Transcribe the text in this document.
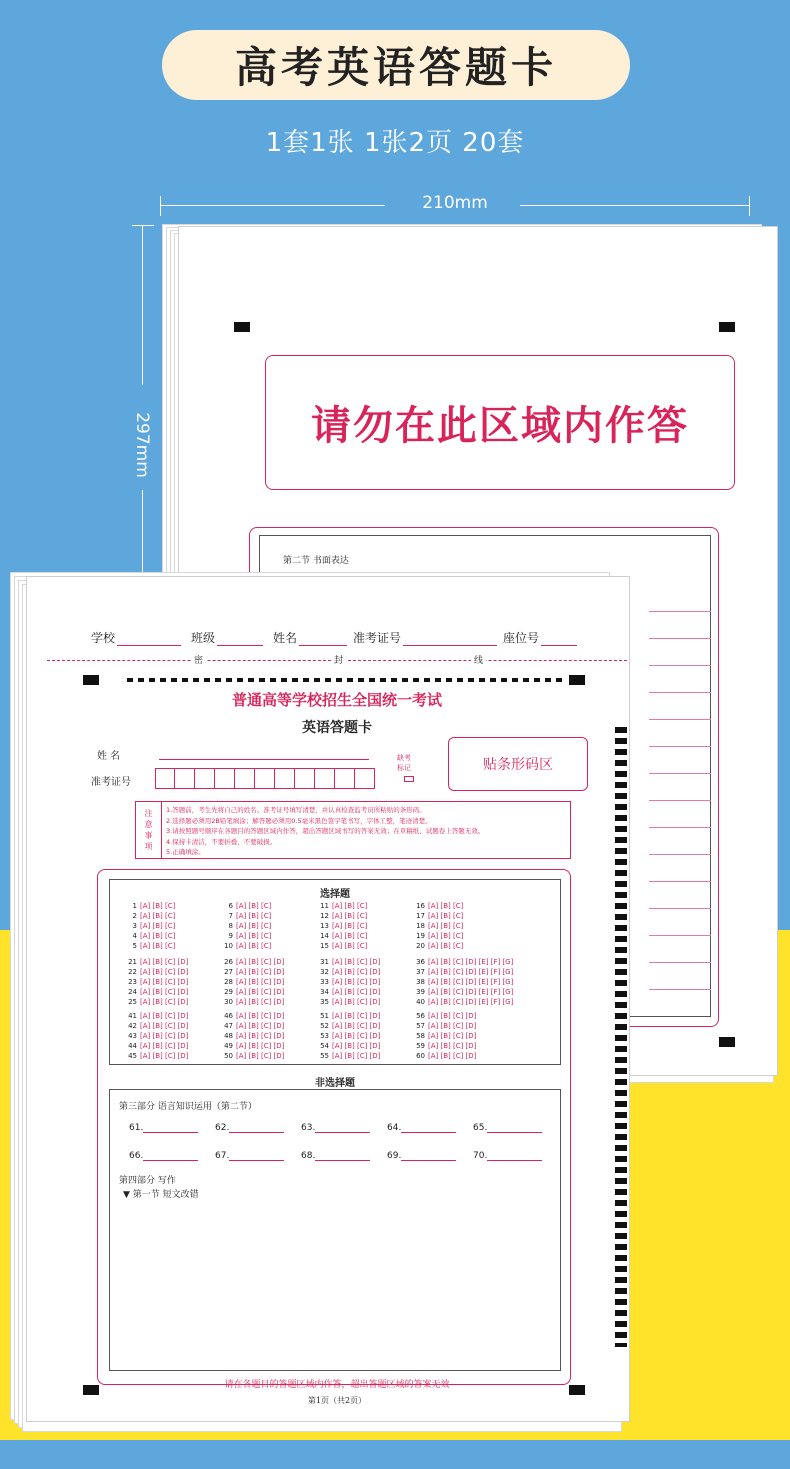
高考英语答题卡
1套1张 1张2页 20套
210mm
297mm	请勿在此区域内作答
第二节 书面表达
学校	班级	姓名	准考证号	座位号
密	封	线
普通高等学校招生全国统一考试
英语答题卡
姓 名
准考证号
缺考
标记	贴条形码区
注
意
事
项
1.答题前，考生先将自己的姓名、准考证号填写清楚，并认真检查监考员所粘贴的条形码。
2.选择题必须用2B铅笔填涂；解答题必须用0.5毫米黑色签字笔书写，字体工整，笔迹清楚。
3.请按照题号顺序在各题目的答题区域内作答，超出答题区域书写的答案无效；在草稿纸、试题卷上答题无效。
4.保持卡清洁，不要折叠、不要破损。
5.正确填涂。
选择题
1 [A] [B] [C]
2 [A] [B] [C]
3 [A] [B] [C]
4 [A] [B] [C]
5 [A] [B] [C]
6 [A] [B] [C]
7 [A] [B] [C]
8 [A] [B] [C]
9 [A] [B] [C]
10 [A] [B] [C]
11 [A] [B] [C]
12 [A] [B] [C]
13 [A] [B] [C]
14 [A] [B] [C]
15 [A] [B] [C]
16 [A] [B] [C]
17 [A] [B] [C]
18 [A] [B] [C]
19 [A] [B] [C]
20 [A] [B] [C]
21 [A] [B] [C] [D]
22 [A] [B] [C] [D]
23 [A] [B] [C] [D]
24 [A] [B] [C] [D]
25 [A] [B] [C] [D]
26 [A] [B] [C] [D]
27 [A] [B] [C] [D]
28 [A] [B] [C] [D]
29 [A] [B] [C] [D]
30 [A] [B] [C] [D]
31 [A] [B] [C] [D]
32 [A] [B] [C] [D]
33 [A] [B] [C] [D]
34 [A] [B] [C] [D]
35 [A] [B] [C] [D]
36 [A] [B] [C] [D] [E] [F] [G]
37 [A] [B] [C] [D] [E] [F] [G]
38 [A] [B] [C] [D] [E] [F] [G]
39 [A] [B] [C] [D] [E] [F] [G]
40 [A] [B] [C] [D] [E] [F] [G]
41 [A] [B] [C] [D]
42 [A] [B] [C] [D]
43 [A] [B] [C] [D]
44 [A] [B] [C] [D]
45 [A] [B] [C] [D]
46 [A] [B] [C] [D]
47 [A] [B] [C] [D]
48 [A] [B] [C] [D]
49 [A] [B] [C] [D]
50 [A] [B] [C] [D]
51 [A] [B] [C] [D]
52 [A] [B] [C] [D]
53 [A] [B] [C] [D]
54 [A] [B] [C] [D]
55 [A] [B] [C] [D]
56 [A] [B] [C] [D]
57 [A] [B] [C] [D]
58 [A] [B] [C] [D]
59 [A] [B] [C] [D]
60 [A] [B] [C] [D]
非选择题
第三部分 语言知识运用（第二节）
61.	62.	63.	64.	65.
66.	67.	68.	69.	70.
第四部分 写作
▼ 第一节 短文改错
请在各题目的答题区域内作答，超出答题区域的答案无效
第1页（共2页）
